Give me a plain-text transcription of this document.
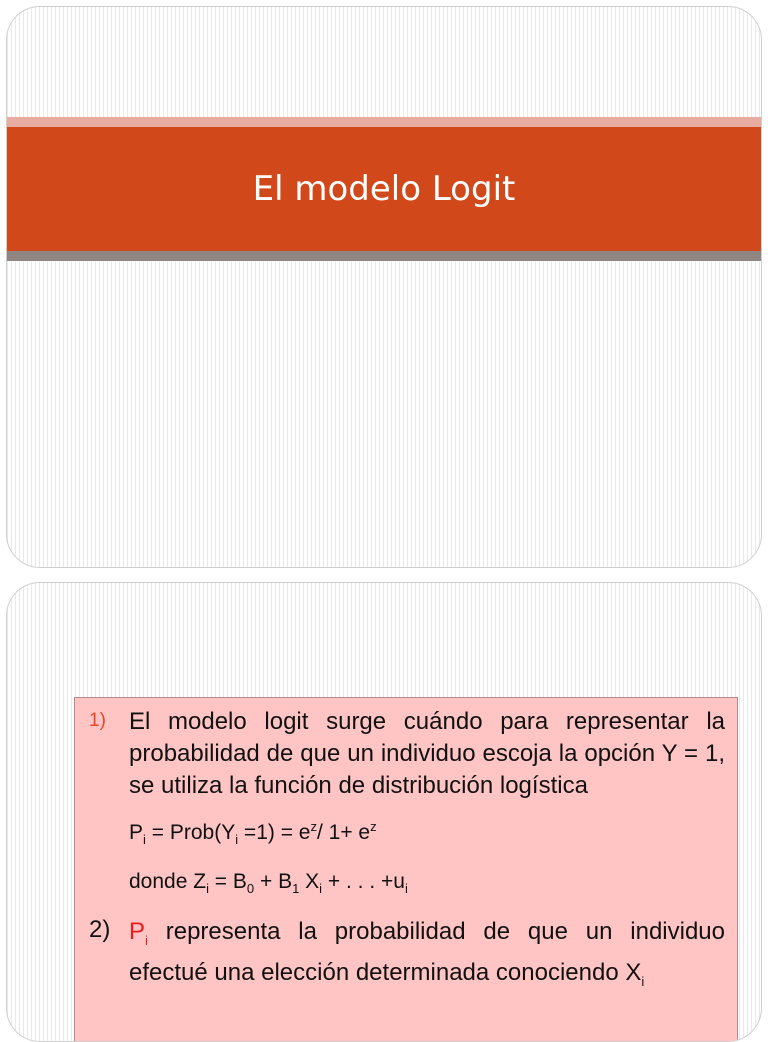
El modelo Logit
1) El modelo logit surge cuándo para representar la probabilidad de que un individuo escoja la opción Y = 1, se utiliza la función de distribución logística
$P_i$ = $Prob(Y_i =1) = e^z/$ $1+ e^z$
donde $Z_i = B_0 + B_1$ $X_i$ + . . . $+u_i$
2) $P_i$ representa la probabilidad de que un individuo efectué una elección determinada conociendo $X_i$
